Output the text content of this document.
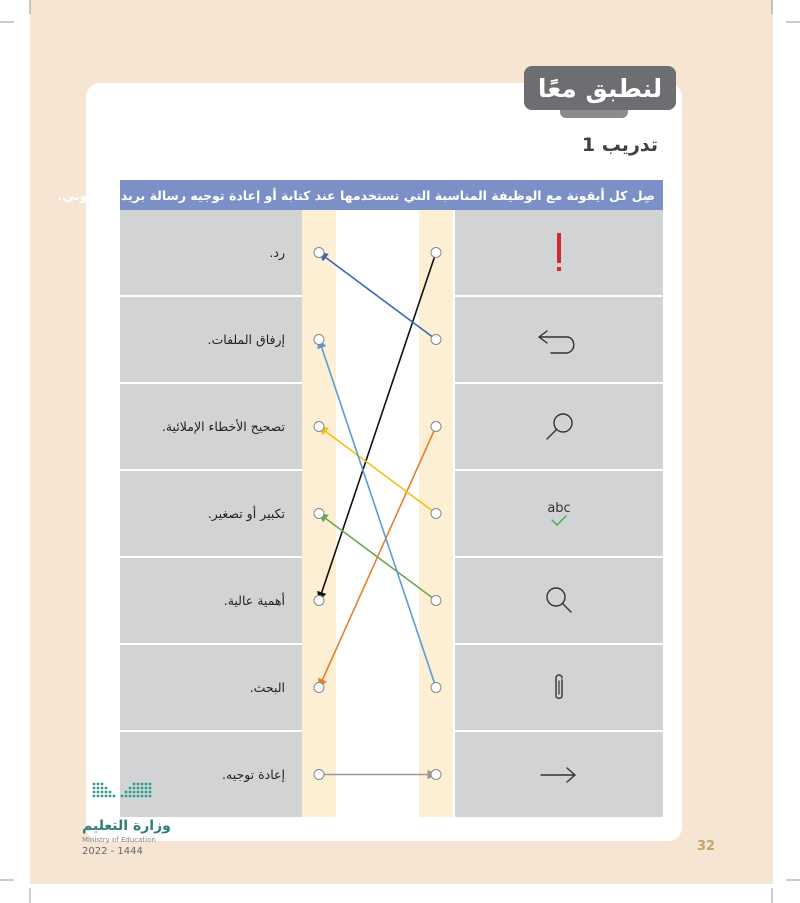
لنطبق معًا
تدريب 1
صِل كل أيقونة مع الوظيفة المناسبة التي تستخدمها عند كتابة أو إعادة توجيه رسالة بريد إلكتروني.
رد.
إرفاق الملفات.
تصحيح الأخطاء الإملائية.
تكبير أو تصغير.
أهمية عالية.
البحث.
إعادة توجيه.
abc
32
وزارة التعليم
Ministry of Education
2022 - 1444
